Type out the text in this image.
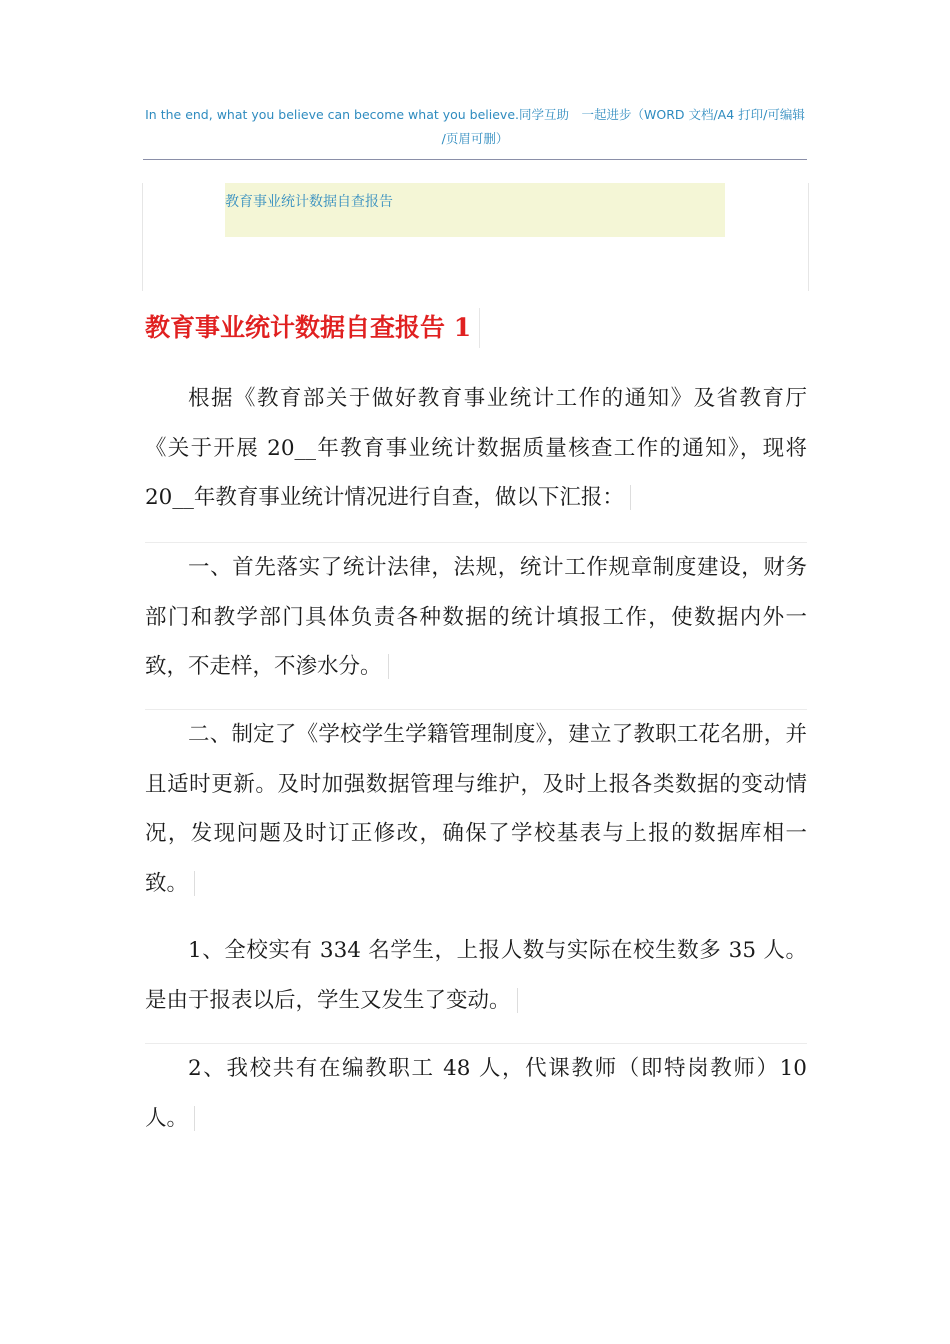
In the end, what you believe can become what you believe.同学互助　一起进步（WORD 文档/A4 打印/可编辑
/页眉可删）
教育事业统计数据自查报告
教育事业统计数据自查报告 1
根据《教育部关于做好教育事业统计工作的通知》及省教育厅《关于开展 20__年教育事业统计数据质量核查工作的通知》，现将 20__年教育事业统计情况进行自查，做以下汇报：
一、首先落实了统计法律，法规，统计工作规章制度建设，财务部门和教学部门具体负责各种数据的统计填报工作，使数据内外一致，不走样，不渗水分。
二、制定了《学校学生学籍管理制度》，建立了教职工花名册，并且适时更新。及时加强数据管理与维护，及时上报各类数据的变动情况，发现问题及时订正修改，确保了学校基表与上报的数据库相一致。
1、全校实有 334 名学生，上报人数与实际在校生数多 35 人。是由于报表以后，学生又发生了变动。
2、我校共有在编教职工 48 人，代课教师（即特岗教师）10人。
